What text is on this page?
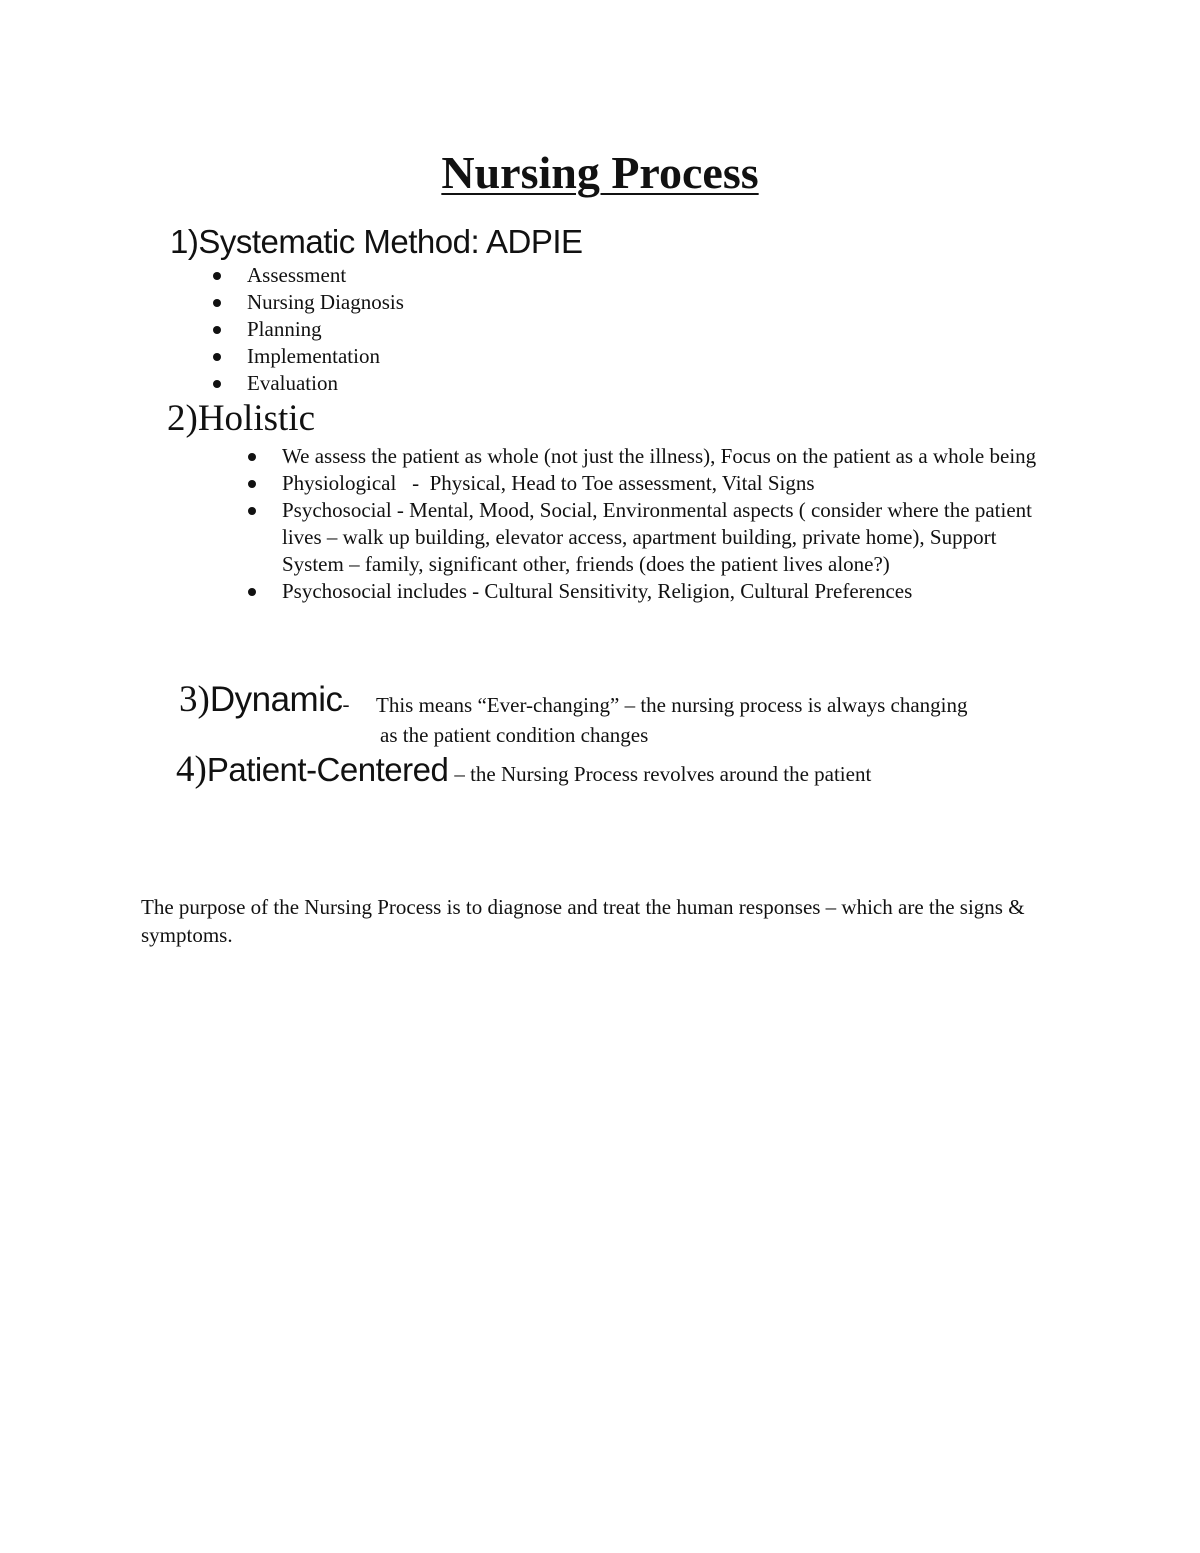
Nursing Process
1)Systematic Method: ADPIE
Assessment
Nursing Diagnosis
Planning
Implementation
Evaluation
2)Holistic
We assess the patient as whole (not just the illness), Focus on the patient as a whole being
Physiological   -  Physical, Head to Toe assessment, Vital Signs
Psychosocial - Mental, Mood, Social, Environmental aspects ( consider where the patient lives – walk up building, elevator access, apartment building, private home), Support System – family, significant other, friends (does the patient lives alone?)
Psychosocial includes - Cultural Sensitivity, Religion, Cultural Preferences
3)Dynamic- This means “Ever-changing” – the nursing process is always changing
as the patient condition changes
4)Patient-Centered – the Nursing Process revolves around the patient

The purpose of the Nursing Process is to diagnose and treat the human responses – which are the signs & symptoms.
